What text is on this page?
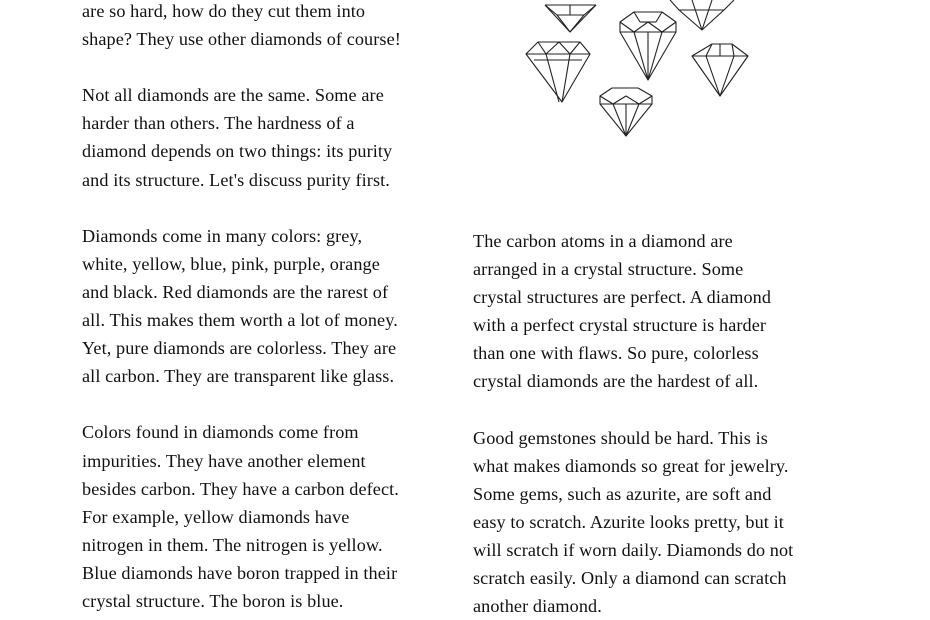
are so hard, how do they cut them into
shape? They use other diamonds of course!
Not all diamonds are the same. Some are
harder than others. The hardness of a
diamond depends on two things: its purity
and its structure. Let's discuss purity first.
Diamonds come in many colors: grey,
white, yellow, blue, pink, purple, orange
and black. Red diamonds are the rarest of
all. This makes them worth a lot of money.
Yet, pure diamonds are colorless. They are
all carbon. They are transparent like glass.
Colors found in diamonds come from
impurities. They have another element
besides carbon. They have a carbon defect.
For example, yellow diamonds have
nitrogen in them. The nitrogen is yellow.
Blue diamonds have boron trapped in their
crystal structure. The boron is blue.
The carbon atoms in a diamond are
arranged in a crystal structure. Some
crystal structures are perfect. A diamond
with a perfect crystal structure is harder
than one with flaws. So pure, colorless
crystal diamonds are the hardest of all.
Good gemstones should be hard. This is
what makes diamonds so great for jewelry.
Some gems, such as azurite, are soft and
easy to scratch. Azurite looks pretty, but it
will scratch if worn daily. Diamonds do not
scratch easily. Only a diamond can scratch
another diamond.
